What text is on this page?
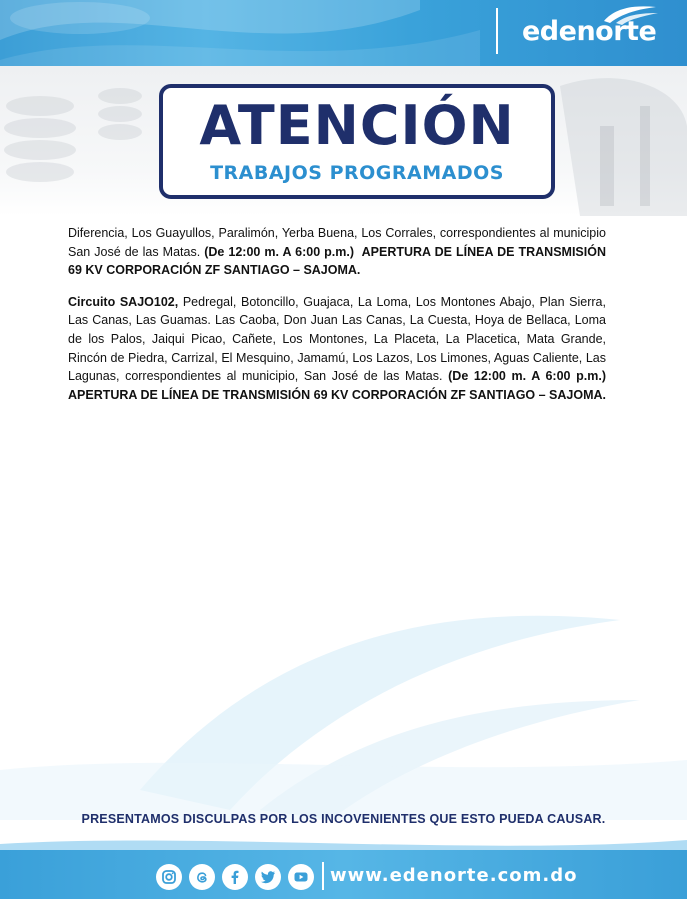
edenorte
ATENCIÓN
TRABAJOS PROGRAMADOS

Diferencia, Los Guayullos, Paralimón, Yerba Buena, Los Corrales, correspondientes al municipio San José de las Matas. (De 12:00 m. A 6:00 p.m.)  APERTURA DE LÍNEA DE TRANSMISIÓN 69 KV CORPORACIÓN ZF SANTIAGO – SAJOMA.

Circuito SAJO102, Pedregal, Botoncillo, Guajaca, La Loma, Los Montones Abajo, Plan Sierra, Las Canas, Las Guamas. Las Caoba, Don Juan Las Canas, La Cuesta, Hoya de Bellaca, Loma de los Palos, Jaiqui Picao, Cañete, Los Montones, La Placeta, La Placetica, Mata Grande, Rincón de Piedra, Carrizal, El Mesquino, Jamamú, Los Lazos, Los Limones, Aguas Caliente, Las Lagunas, correspondientes al municipio, San José de las Matas. (De 12:00 m. A 6:00 p.m.)  APERTURA DE LÍNEA DE TRANSMISIÓN 69 KV CORPORACIÓN ZF SANTIAGO – SAJOMA.

PRESENTAMOS DISCULPAS POR LOS INCOVENIENTES QUE ESTO PUEDA CAUSAR.
www.edenorte.com.do
